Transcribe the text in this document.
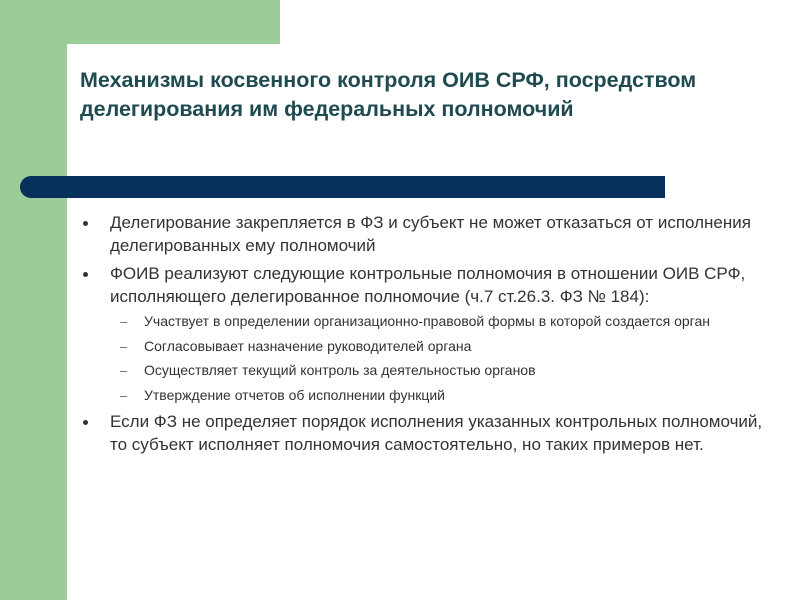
Механизмы косвенного контроля ОИВ СРФ, посредством делегирования им федеральных полномочий
Делегирование закрепляется в ФЗ и субъект не может отказаться от исполнения делегированных ему полномочий
ФОИВ реализуют следующие контрольные полномочия в отношении ОИВ СРФ, исполняющего делегированное полномочие (ч.7 ст.26.3. ФЗ № 184):
– Участвует в определении организационно-правовой формы в которой создается орган
– Согласовывает назначение руководителей органа
– Осуществляет текущий контроль за деятельностью органов
– Утверждение отчетов об исполнении функций
Если ФЗ не определяет порядок исполнения указанных контрольных полномочий, то субъект исполняет полномочия самостоятельно, но таких примеров нет.
